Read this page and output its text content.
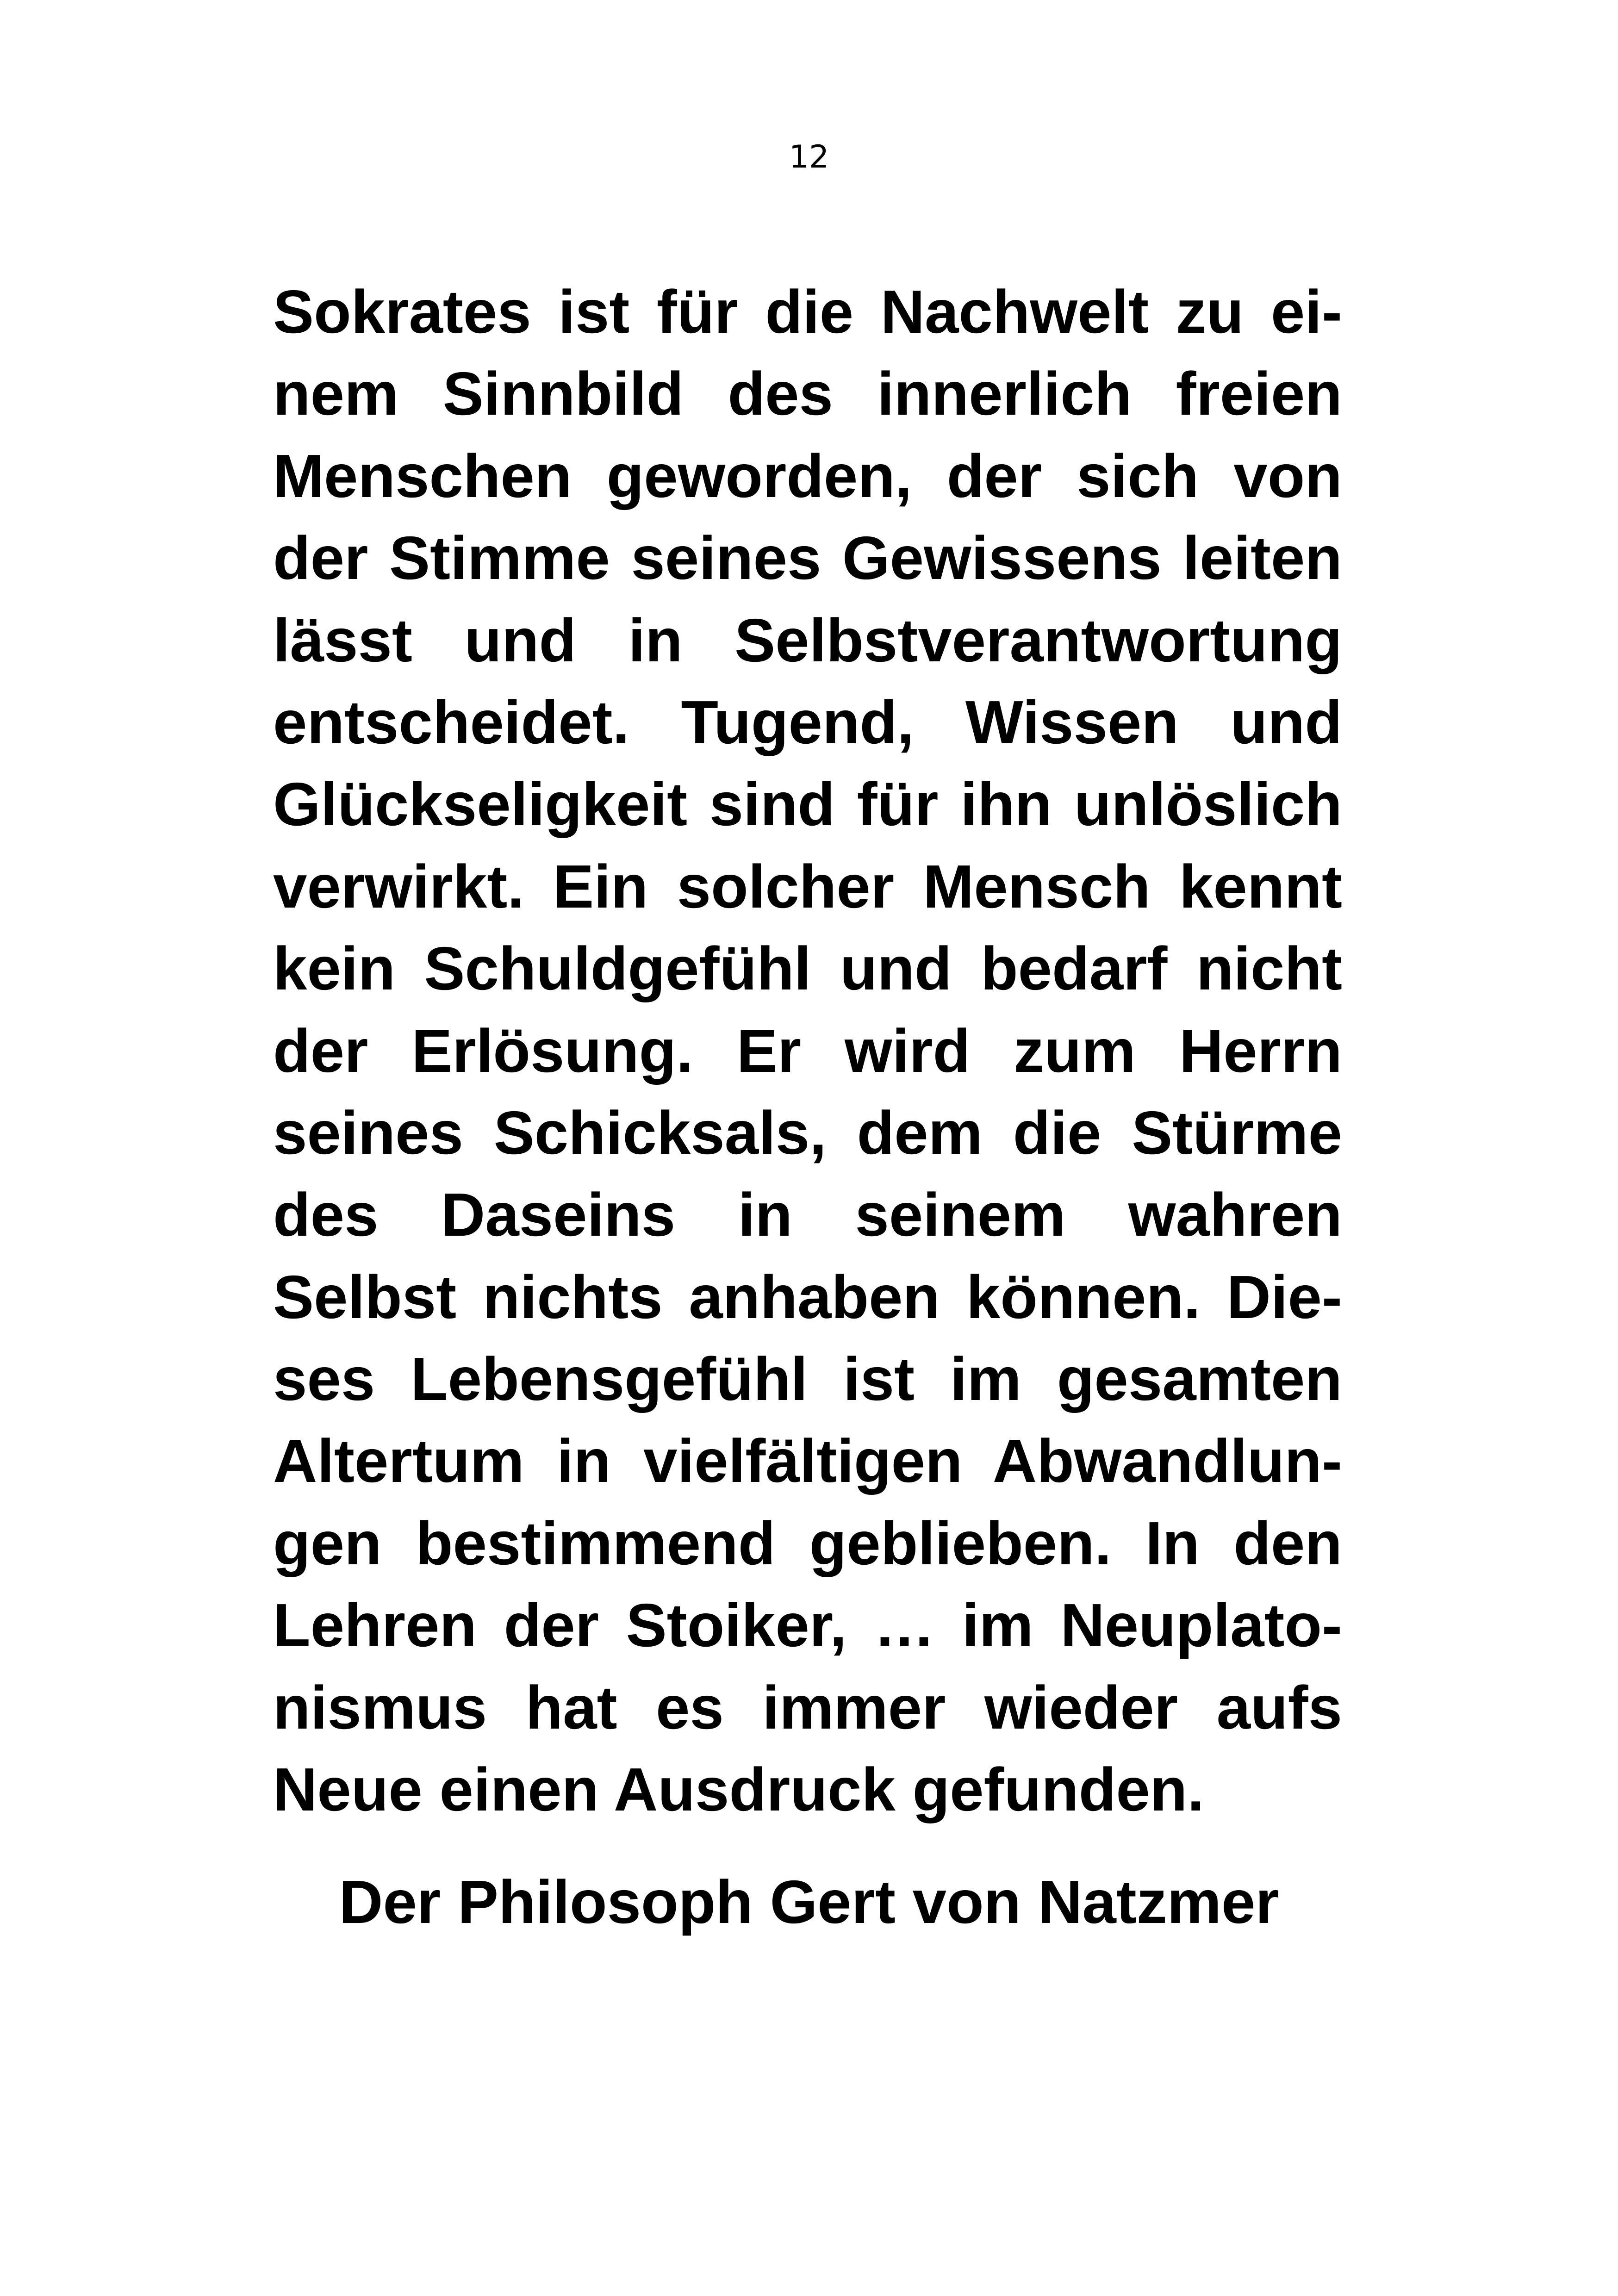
12
Sokrates ist für die Nachwelt zu ei-
nem Sinnbild des innerlich freien
Menschen geworden, der sich von
der Stimme seines Gewissens leiten
lässt und in Selbstverantwortung
entscheidet. Tugend, Wissen und
Glückseligkeit sind für ihn unlöslich
verwirkt. Ein solcher Mensch kennt
kein Schuldgefühl und bedarf nicht
der Erlösung. Er wird zum Herrn
seines Schicksals, dem die Stürme
des Daseins in seinem wahren
Selbst nichts anhaben können. Die-
ses Lebensgefühl ist im gesamten
Altertum in vielfältigen Abwandlun-
gen bestimmend geblieben. In den
Lehren der Stoiker, … im Neuplato-
nismus hat es immer wieder aufs
Neue einen Ausdruck gefunden.
Der Philosoph Gert von Natzmer
